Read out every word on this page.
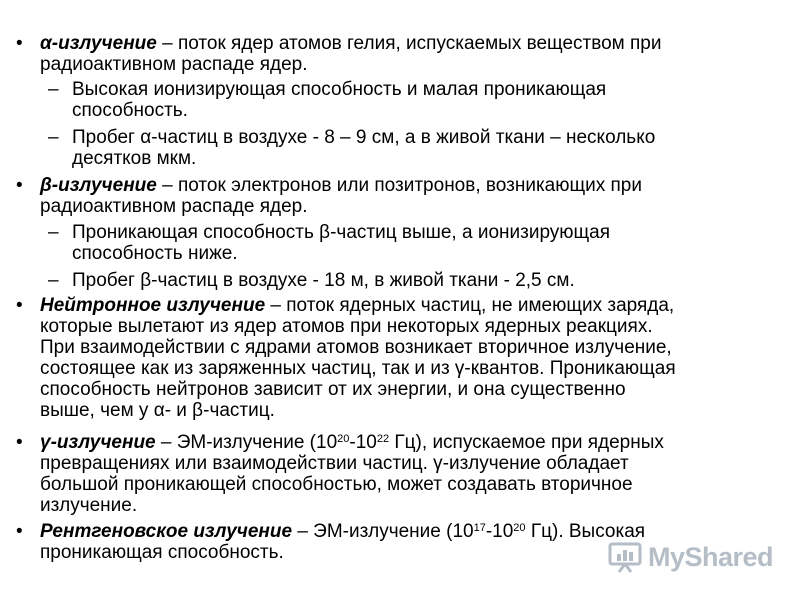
• α-излучение – поток ядер атомов гелия, испускаемых веществом при
радиоактивном распаде ядер.
– Высокая ионизирующая способность и малая проникающая
способность.
– Пробег α-частиц в воздухе - 8 – 9 см, а в живой ткани – несколько
десятков мкм.
• β-излучение – поток электронов или позитронов, возникающих при
радиоактивном распаде ядер.
– Проникающая способность β-частиц выше, а ионизирующая
способность ниже.
– Пробег β-частиц в воздухе - 18 м, в живой ткани - 2,5 см.
• Нейтронное излучение – поток ядерных частиц, не имеющих заряда,
которые вылетают из ядер атомов при некоторых ядерных реакциях.
При взаимодействии с ядрами атомов возникает вторичное излучение,
состоящее как из заряженных частиц, так и из γ-квантов. Проникающая
способность нейтронов зависит от их энергии, и она существенно
выше, чем у α- и β-частиц.
• γ-излучение – ЭМ-излучение ($10^{20}-10^{22}$ Гц), испускаемое при ядерных
превращениях или взаимодействии частиц. γ-излучение обладает
большой проникающей способностью, может создавать вторичное
излучение.
• Рентгеновское излучение – ЭМ-излучение ($10^{17}-10^{20}$ Гц). Высокая
проникающая способность.	MyShared
